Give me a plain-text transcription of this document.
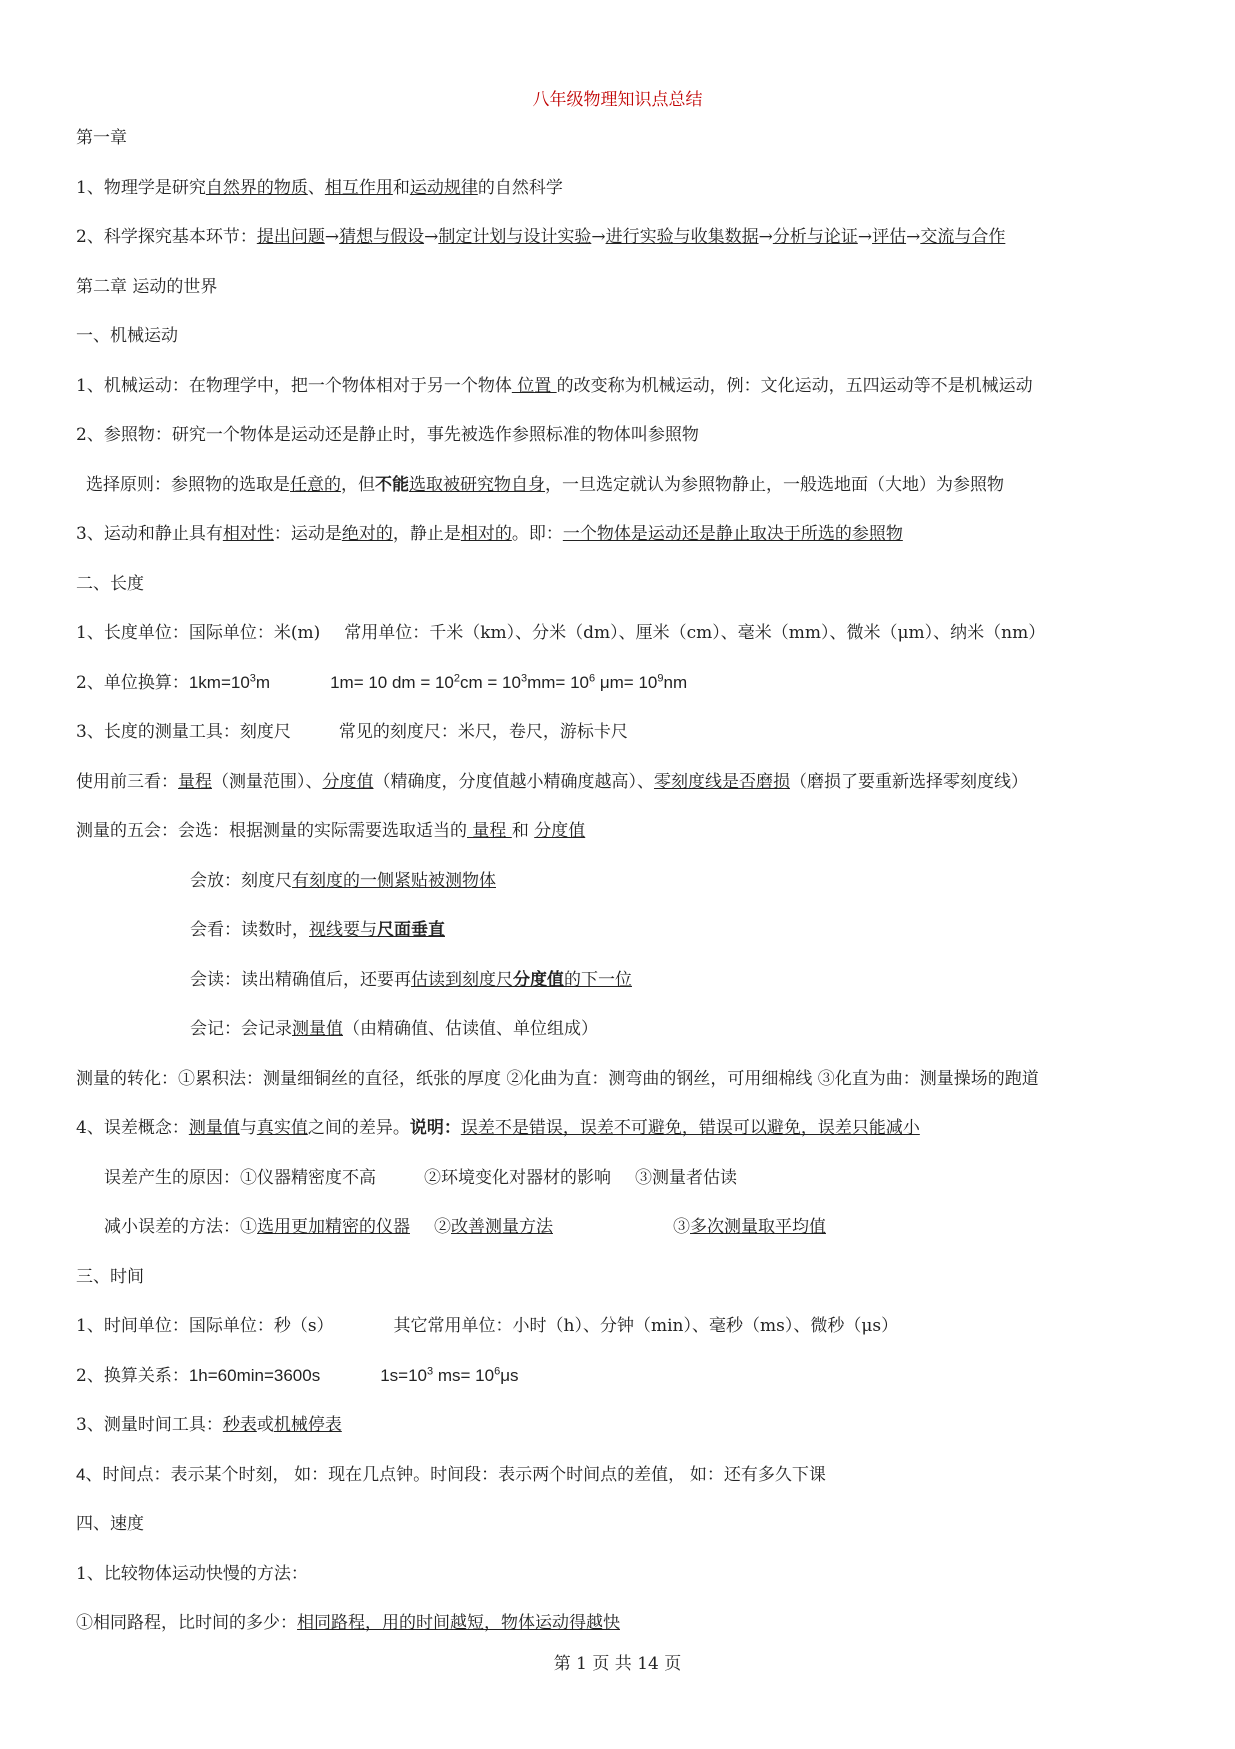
八年级物理知识点总结
第一章
1、物理学是研究自然界的物质、相互作用和运动规律的自然科学
2、科学探究基本环节：提出问题→猜想与假设→制定计划与设计实验→进行实验与收集数据→分析与论证→评估→交流与合作
第二章 运动的世界
一、机械运动
1、机械运动：在物理学中，把一个物体相对于另一个物体 位置 的改变称为机械运动，例：文化运动，五四运动等不是机械运动
2、参照物：研究一个物体是运动还是静止时，事先被选作参照标准的物体叫参照物
选择原则：参照物的选取是任意的，但不能选取被研究物自身，一旦选定就认为参照物静止，一般选地面（大地）为参照物
3、运动和静止具有相对性：运动是绝对的，静止是相对的。即：一个物体是运动还是静止取决于所选的参照物
二、长度
1、长度单位：国际单位：米(m) 常用单位：千米（km）、分米（dm）、厘米（cm）、毫米（mm）、微米（μm）、纳米（nm）
2、单位换算：$1km=10^3m$	1m= 10 dm = $10^2cm = 10^3mm= 10^6$ $\mu m= 10^9nm$
3、长度的测量工具：刻度尺	常见的刻度尺：米尺，卷尺，游标卡尺
使用前三看：量程（测量范围）、分度值（精确度，分度值越小精确度越高）、零刻度线是否磨损（磨损了要重新选择零刻度线）
测量的五会：会选：根据测量的实际需要选取适当的 量程 和 分度值
会放：刻度尺有刻度的一侧紧贴被测物体
会看：读数时，视线要与尺面垂直
会读：读出精确值后，还要再估读到刻度尺分度值的下一位
会记：会记录测量值（由精确值、估读值、单位组成）
测量的转化：①累积法：测量细铜丝的直径，纸张的厚度 ②化曲为直：测弯曲的钢丝，可用细棉线 ③化直为曲：测量操场的跑道
4、误差概念：测量值与真实值之间的差异。说明：误差不是错误，误差不可避免，错误可以避免，误差只能减小
误差产生的原因：①仪器精密度不高	②环境变化对器材的影响 ③测量者估读
减小误差的方法：①选用更加精密的仪器 ②改善测量方法	③多次测量取平均值
三、时间
1、时间单位：国际单位：秒（s）	其它常用单位：小时（h）、分钟（min）、毫秒（ms）、微秒（μs）
2、换算关系：1h=60min=3600s	$1s=10^3$ $ms= 10^6\mu s$
3、测量时间工具：秒表或机械停表
4、时间点：表示某个时刻， 如：现在几点钟。时间段：表示两个时间点的差值， 如：还有多久下课
四、速度
1、比较物体运动快慢的方法：
①相同路程，比时间的多少：相同路程，用的时间越短，物体运动得越快
第 1 页 共 14 页
